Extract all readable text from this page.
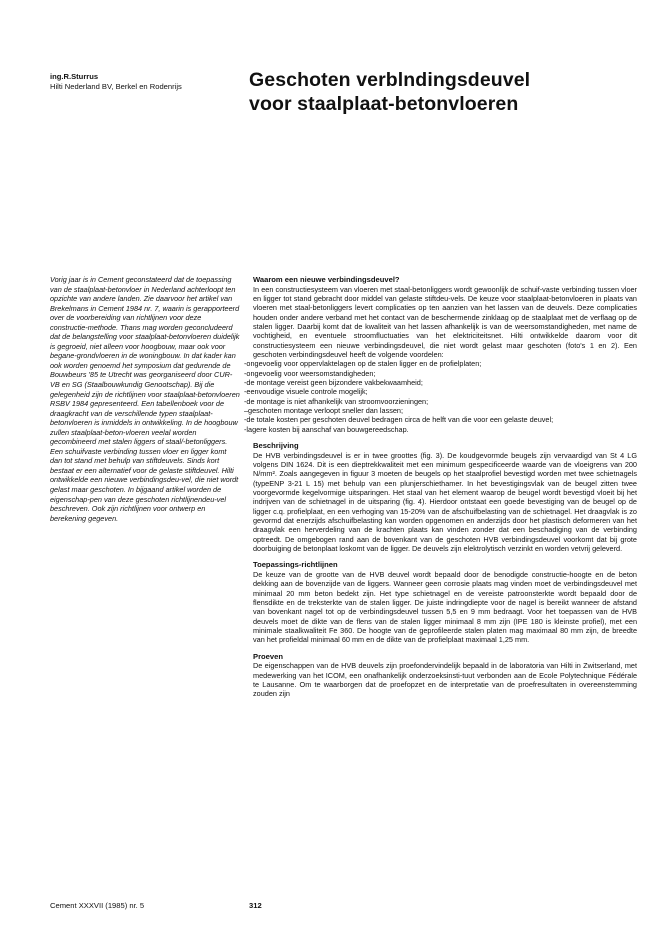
ing.R.Sturrus
Hilti Nederland BV, Berkel en Rodenrijs	Geschoten verblndingsdeuvel
voor staalplaat-betonvloeren

Vorig jaar is in Cement geconstateerd dat de toepassing van de staalplaat-betonvloer in Nederland achterloopt ten opzichte van andere landen. Zie daarvoor het artikel van Brekelmans in Cement 1984 nr. 7, waarin is gerapporteerd over de voorbereiding van richtlijnen voor deze constructie-methode. Thans mag worden geconcludeerd dat de belangstelling voor staalplaat-betonvloeren duidelijk is gegroeid, niet alleen voor hoogbouw, maar ook voor begane-grondvloeren in de woningbouw. In dat kader kan ook worden genoemd het symposium dat gedurende de Bouwbeurs '85 te Utrecht was georganiseerd door CUR-VB en SG (Staalbouwkundig Genootschap). Bij die gelegenheid zijn de richtlijnen voor staalplaat-betonvloeren RSBV 1984 gepresenteerd. Een tabellenboek voor de draagkracht van de verschillende typen staalplaat-betonvloeren is inmiddels in ontwikkeling. In de hoogbouw zullen staalplaat-beton-vloeren veelal worden gecombineerd met stalen liggers of staal/-betonliggers. Een schuifvaste verbinding tussen vloer en ligger komt dan tot stand met behulp van stiftdeuvels. Sinds kort bestaat er een alternatief voor de gelaste stiftdeuvel. Hilti ontwikkelde een nieuwe verbindingsdeu-vel, die niet wordt gelast maar geschoten. In bijgaand artikel worden de eigenschap-pen van deze geschoten richtlijnendeu-vel beschreven. Ook zijn richtlijnen voor ontwerp en berekening gegeven.

Waarom een nieuwe verbindingsdeuvel?

In een constructiesysteem van vloeren met staal-betonliggers wordt gewoonlijk de schuif-vaste verbinding tussen vloer en ligger tot stand gebracht door middel van gelaste stiftdeu-vels. De keuze voor staalplaat-betonvloeren in plaats van vloeren met staal-betonliggers levert complicaties op ten aanzien van het lassen van de deuvels. Deze complicaties houden onder andere verband met het contact van de beschermende zinklaag op de staalplaat met de verflaag op de stalen ligger. Daarbij komt dat de kwaliteit van het lassen afhankelijk is van de weersomstandigheden, met name de vochtigheid, en eventuele stroomfluctuaties van het elektriciteitsnet. Hilti ontwikkelde daarom voor dit constructiesysteem een nieuwe verbindingsdeuvel, die niet wordt gelast maar geschoten (foto's 1 en 2). Een geschoten verbindingsdeuvel heeft de volgende voordelen:

-ongevoelig voor oppervlaktelagen op de stalen ligger en de profielplaten;
-ongevoelig voor weersomstandigheden;
-de montage vereist geen bijzondere vakbekwaamheid;
-eenvoudige visuele controle mogelijk;
-de montage is niet afhankelijk van stroomvoorzieningen;
–geschoten montage verloopt sneller dan lassen;
-de totale kosten per geschoten deuvel bedragen circa de helft van die voor een gelaste deuvel;
-lagere kosten bij aanschaf van bouwgereedschap.
Beschrijving

De HVB verbindingsdeuvel is er in twee groottes (fig. 3). De koudgevormde beugels zijn vervaardigd van St 4 LG volgens DIN 1624. Dit is een dieptrekkwaliteit met een minimum gespecificeerde waarde van de vloeigrens van 200 N/mm². Zoals aangegeven in figuur 3 moeten de beugels op het staalprofiel bevestigd worden met twee schietnagels (typeENP 3-21 L 15) met behulp van een plunjerschiethamer. In het bevestigingsvlak van de beugel zitten twee voorgevormde kegelvormige uitsparingen. Het staal van het element waarop de beugel wordt bevestigd vloeit bij het indrijven van de schietnagel in de uitsparing (fig. 4). Hierdoor ontstaat een goede bevestiging van de beugel op de ligger c.q. profielplaat, en een verhoging van 15-20% van de afschuifbelasting van de schietnagel. Het draagvlak is zo gevormd dat enerzijds afschuifbelasting kan worden opgenomen en anderzijds door het plastisch deformeren van het draagvlak een herverdeling van de krachten plaats kan vinden zonder dat een beschadiging van de verbinding optreedt. De omgebogen rand aan de bovenkant van de geschoten HVB verbindingsdeuvel voorkomt dat bij grote doorbuiging de betonplaat loskomt van de ligger. De deuvels zijn elektrolytisch verzinkt en worden vetvrij geleverd.

Toepassings-richtlijnen

De keuze van de grootte van de HVB deuvel wordt bepaald door de benodigde constructie-hoogte en de beton dekking aan de bovenzijde van de liggers. Wanneer geen corrosie plaats mag vinden moet de verbindingsdeuvel met minimaal 20 mm beton bedekt zijn. Het type schietnagel en de vereiste patroonsterkte wordt bepaald door de flensdikte en de treksterkte van de stalen ligger. De juiste indringdiepte voor de nagel is bereikt wanneer de afstand van bovenkant nagel tot op de verbindingsdeuvel tussen 5,5 en 9 mm bedraagt. Voor het toepassen van de HVB deuvels moet de dikte van de flens van de stalen ligger minimaal 8 mm zijn (IPE 180 is kleinste profiel), met een minimale staalkwaliteit Fe 360. De hoogte van de geprofileerde stalen platen mag maximaal 80 mm zijn, de breedte van het profieldal minimaal 60 mm en de dikte van de profielplaat maximaal 1,25 mm.

Proeven

De eigenschappen van de HVB deuvels zijn proefondervindelijk bepaald in de laboratoria van Hilti in Zwitserland, met medewerking van het ICOM, een onafhankelijk onderzoeksinsti-tuut verbonden aan de Ecole Polytechnique Fédérale te Lausanne. Om te waarborgen dat de proefopzet en de interpretatie van de proefresultaten in overeenstemming zouden zijn

Cement XXXVII (1985) nr. 5	312
